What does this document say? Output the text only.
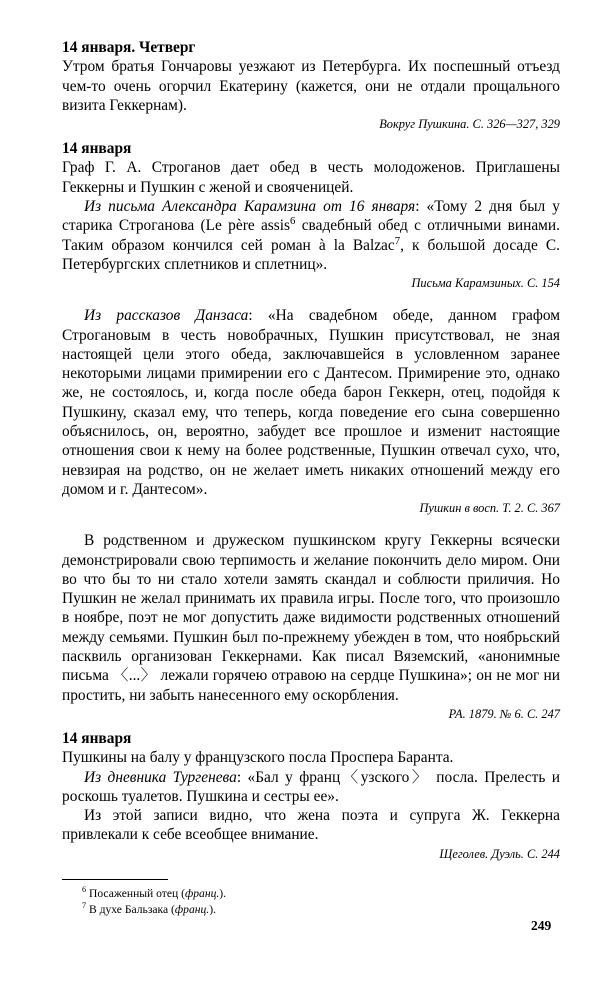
14 января. Четверг

Утром братья Гончаровы уезжают из Петербурга. Их поспешный отъезд чем-то очень огорчил Екатерину (кажется, они не отдали прощального визита Геккернам).

Вокруг Пушкина. С. 326—327, 329

14 января

Граф Г. А. Строганов дает обед в честь молодоженов. Приглашены Геккерны и Пушкин с женой и свояченицей.

Из письма Александра Карамзина от 16 января: «Тому 2 дня был у старика Строганова (Le père assis$^6$ свадебный обед с отличными винами. Таким образом кончился сей роман à la Balzac$^7$, к большой досаде С. Петербургских сплетников и сплетниц».

Письма Карамзиных. С. 154

Из рассказов Данзаса: «На свадебном обеде, данном графом Строгановым в честь новобрачных, Пушкин присутствовал, не зная настоящей цели этого обеда, заключавшейся в условленном заранее некоторыми лицами примирении его с Дантесом. Примирение это, однако же, не состоялось, и, когда после обеда барон Геккерн, отец, подойдя к Пушкину, сказал ему, что теперь, когда поведение его сына совершенно объяснилось, он, вероятно, забудет все прошлое и изменит настоящие отношения свои к нему на более родственные, Пушкин отвечал сухо, что, невзирая на родство, он не желает иметь никаких отношений между его домом и г. Дантесом».

Пушкин в восп. Т. 2. С. 367

В родственном и дружеском пушкинском кругу Геккерны всячески демонстрировали свою терпимость и желание покончить дело миром. Они во что бы то ни стало хотели замять скандал и соблюсти приличия. Но Пушкин не желал принимать их правила игры. После того, что произошло в ноябре, поэт не мог допустить даже видимости родственных отношений между семьями. Пушкин был по-прежнему убежден в том, что ноябрьский пасквиль организован Геккернами. Как писал Вяземский, «анонимные письма 〈...〉 лежали горячею отравою на сердце Пушкина»; он не мог ни простить, ни забыть нанесенного ему оскорбления.

РА. 1879. № 6. С. 247

14 января

Пушкины на балу у французского посла Проспера Баранта.

Из дневника Тургенева: «Бал у франц〈узского〉 посла. Прелесть и роскошь туалетов. Пушкина и сестры ее».

Из этой записи видно, что жена поэта и супруга Ж. Геккерна привлекали к себе всеобщее внимание.

Щеголев. Дуэль. С. 244

$^6$ Посаженный отец (франц.).

$^7$ В духе Бальзака (франц.).

249
